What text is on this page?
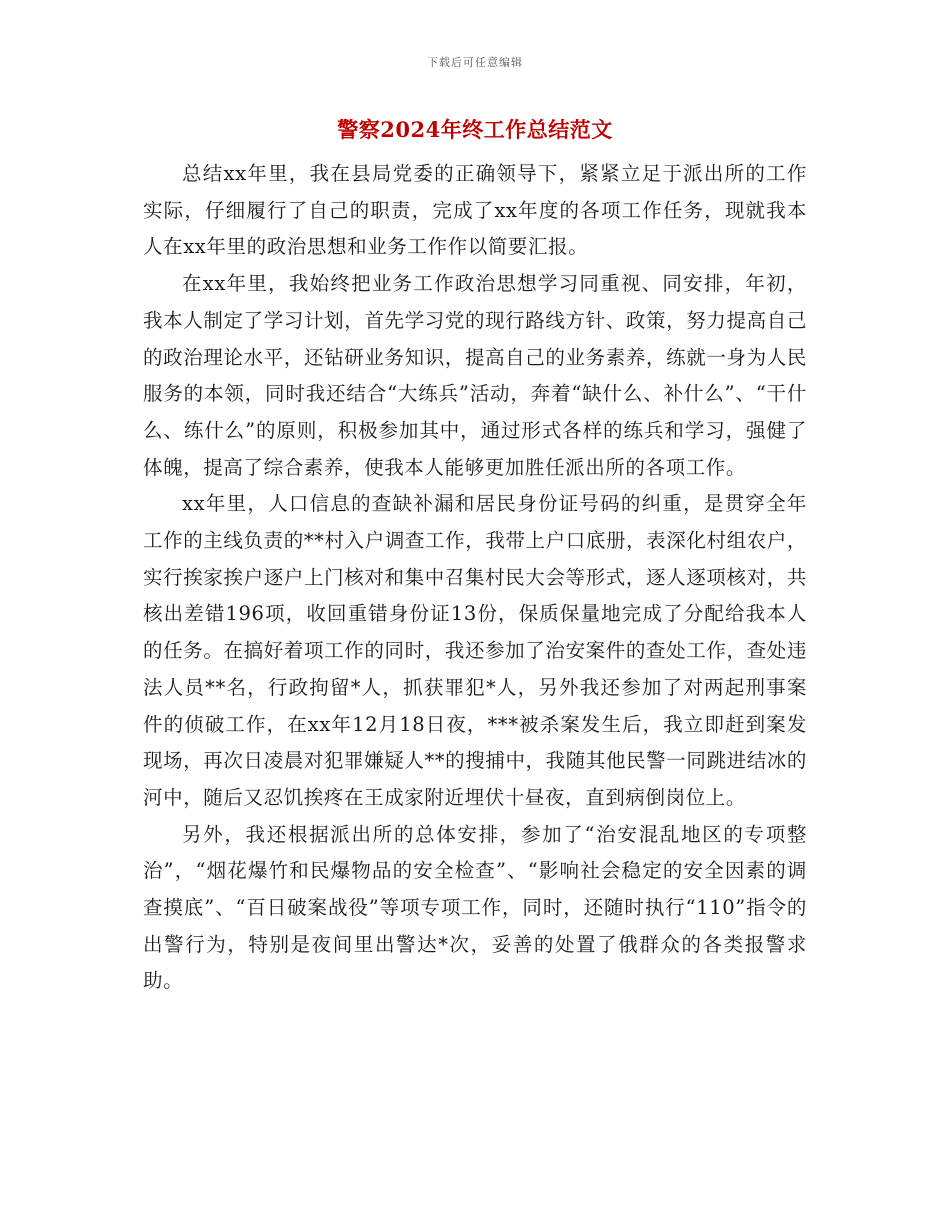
下载后可任意编辑
警察2024年终工作总结范文

总结xx年里，我在县局党委的正确领导下，紧紧立足于派出所的工作实际，仔细履行了自己的职责，完成了xx年度的各项工作任务，现就我本人在xx年里的政治思想和业务工作作以简要汇报。

在xx年里，我始终把业务工作政治思想学习同重视、同安排，年初，我本人制定了学习计划，首先学习党的现行路线方针、政策，努力提高自己的政治理论水平，还钻研业务知识，提高自己的业务素养，练就一身为人民服务的本领，同时我还结合“大练兵”活动，奔着“缺什么、补什么”、“干什么、练什么”的原则，积极参加其中，通过形式各样的练兵和学习，强健了体魄，提高了综合素养，使我本人能够更加胜任派出所的各项工作。

xx年里，人口信息的查缺补漏和居民身份证号码的纠重，是贯穿全年工作的主线负责的**村入户调查工作，我带上户口底册，表深化村组农户，实行挨家挨户逐户上门核对和集中召集村民大会等形式，逐人逐项核对，共核出差错196项，收回重错身份证13份，保质保量地完成了分配给我本人的任务。在搞好着项工作的同时，我还参加了治安案件的查处工作，查处违法人员**名，行政拘留*人，抓获罪犯*人，另外我还参加了对两起刑事案件的侦破工作，在xx年12月18日夜，***被杀案发生后，我立即赶到案发现场，再次日凌晨对犯罪嫌疑人**的搜捕中，我随其他民警一同跳进结冰的河中，随后又忍饥挨疼在王成家附近埋伏十昼夜，直到病倒岗位上。

另外，我还根据派出所的总体安排，参加了“治安混乱地区的专项整治”，“烟花爆竹和民爆物品的安全检查”、“影响社会稳定的安全因素的调查摸底”、“百日破案战役”等项专项工作，同时，还随时执行“110”指令的出警行为，特别是夜间里出警达*次，妥善的处置了俄群众的各类报警求助。
